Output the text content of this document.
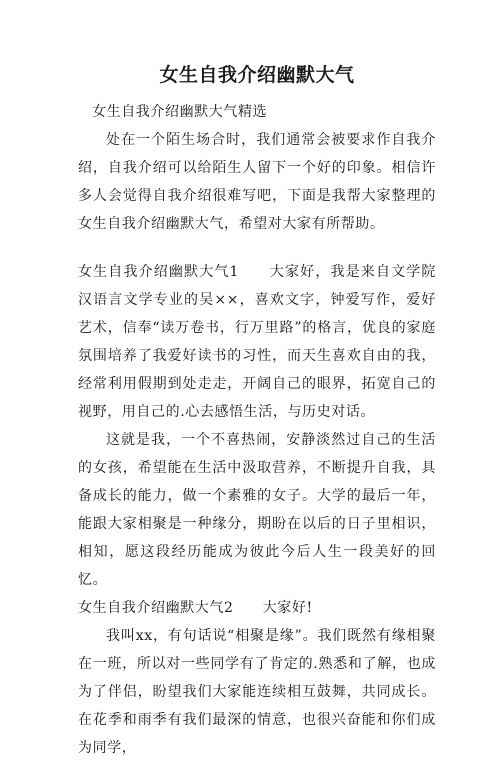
女生自我介绍幽默大气

女生自我介绍幽默大气精选

处在一个陌生场合时，我们通常会被要求作自我介绍，自我介绍可以给陌生人留下一个好的印象。相信许多人会觉得自我介绍很难写吧，下面是我帮大家整理的女生自我介绍幽默大气，希望对大家有所帮助。

女生自我介绍幽默大气1　　大家好，我是来自文学院汉语言文学专业的吴××，喜欢文字，钟爱写作，爱好艺术，信奉“读万卷书，行万里路”的格言，优良的家庭氛围培养了我爱好读书的习性，而天生喜欢自由的我，经常利用假期到处走走，开阔自己的眼界，拓宽自己的视野，用自己的.心去感悟生活，与历史对话。

这就是我，一个不喜热闹，安静淡然过自己的生活的女孩，希望能在生活中汲取营养，不断提升自我，具备成长的能力，做一个素雅的女子。大学的最后一年，能跟大家相聚是一种缘分，期盼在以后的日子里相识，相知，愿这段经历能成为彼此今后人生一段美好的回忆。

女生自我介绍幽默大气2　　大家好!

我叫xx，有句话说“相聚是缘”。我们既然有缘相聚在一班，所以对一些同学有了肯定的.熟悉和了解，也成为了伴侣，盼望我们大家能连续相互鼓舞，共同成长。在花季和雨季有我们最深的情意，也很兴奋能和你们成为同学，
